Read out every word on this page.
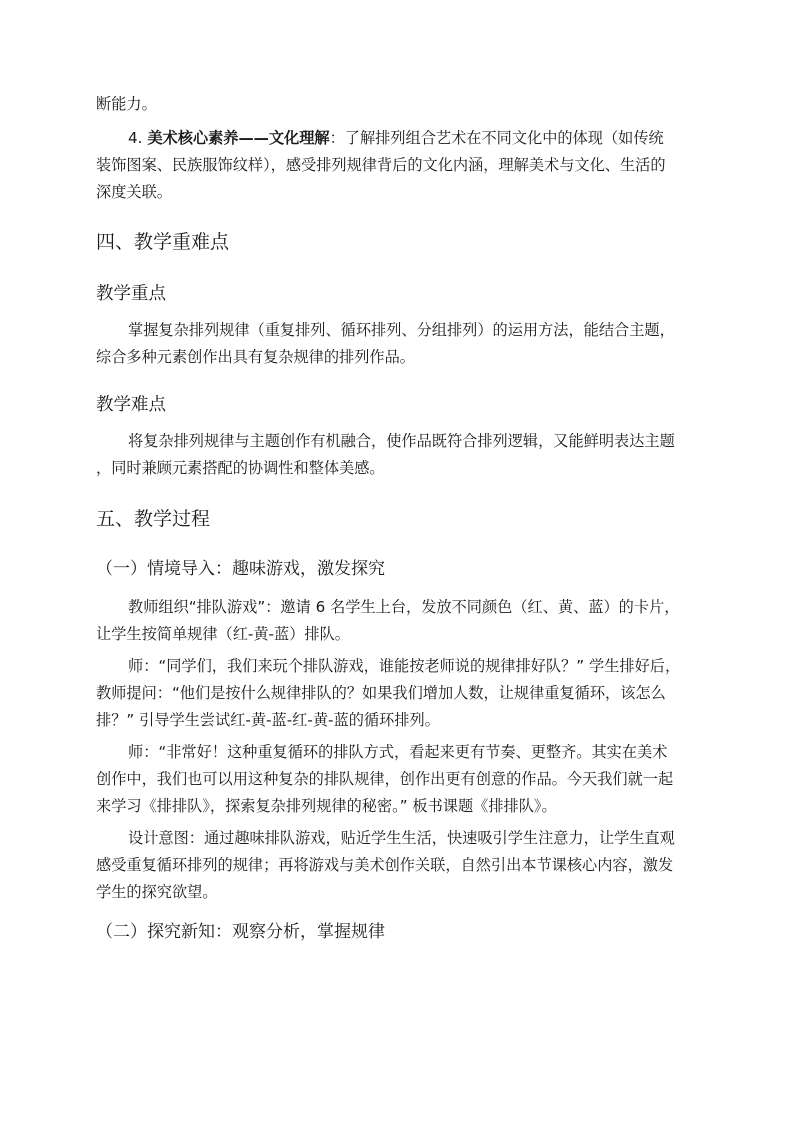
断能力。
4. 美术核心素养——文化理解：了解排列组合艺术在不同文化中的体现（如传统
装饰图案、民族服饰纹样），感受排列规律背后的文化内涵，理解美术与文化、生活的
深度关联。
四、教学重难点
教学重点
掌握复杂排列规律（重复排列、循环排列、分组排列）的运用方法，能结合主题，
综合多种元素创作出具有复杂规律的排列作品。
教学难点
将复杂排列规律与主题创作有机融合，使作品既符合排列逻辑，又能鲜明表达主题
，同时兼顾元素搭配的协调性和整体美感。
五、教学过程
（一）情境导入：趣味游戏，激发探究
教师组织“排队游戏”：邀请 6 名学生上台，发放不同颜色（红、黄、蓝）的卡片，
让学生按简单规律（红-黄-蓝）排队。
师：“同学们，我们来玩个排队游戏，谁能按老师说的规律排好队？” 学生排好后，
教师提问：“他们是按什么规律排队的？如果我们增加人数，让规律重复循环，该怎么
排？” 引导学生尝试红-黄-蓝-红-黄-蓝的循环排列。
师：“非常好！这种重复循环的排队方式，看起来更有节奏、更整齐。其实在美术
创作中，我们也可以用这种复杂的排队规律，创作出更有创意的作品。今天我们就一起
来学习《排排队》，探索复杂排列规律的秘密。” 板书课题《排排队》。
设计意图：通过趣味排队游戏，贴近学生生活，快速吸引学生注意力，让学生直观
感受重复循环排列的规律；再将游戏与美术创作关联，自然引出本节课核心内容，激发
学生的探究欲望。
（二）探究新知：观察分析，掌握规律
